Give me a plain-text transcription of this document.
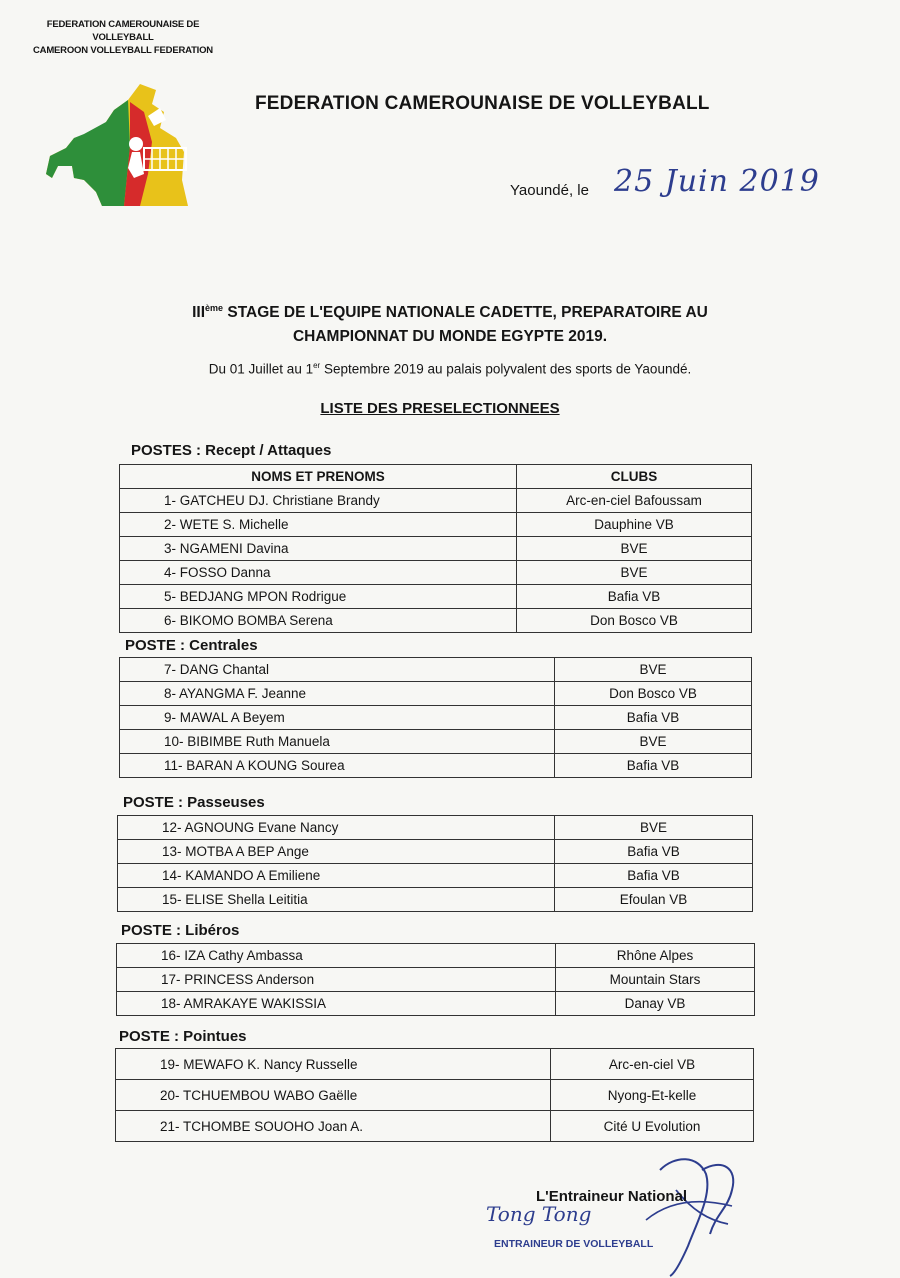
FEDERATION CAMEROUNAISE DE
VOLLEYBALL
CAMEROON VOLLEYBALL FEDERATION
FEDERATION CAMEROUNAISE DE VOLLEYBALL
Yaoundé, le 25 Juin 2019
IIIème STAGE DE L'EQUIPE NATIONALE CADETTE, PREPARATOIRE AU
CHAMPIONNAT DU MONDE EGYPTE 2019.
Du 01 Juillet au 1er Septembre 2019 au palais polyvalent des sports de Yaoundé.
LISTE DES PRESELECTIONNEES
POSTES : Recept / Attaques
NOMS ET PRENOMS	CLUBS
1- GATCHEU DJ. Christiane Brandy	Arc-en-ciel Bafoussam
2- WETE S. Michelle	Dauphine VB
3- NGAMENI Davina	BVE
4- FOSSO Danna	BVE
5- BEDJANG MPON Rodrigue	Bafia VB
6- BIKOMO BOMBA Serena	Don Bosco VB
POSTE : Centrales
7- DANG Chantal	BVE
8- AYANGMA F. Jeanne	Don Bosco VB
9- MAWAL A Beyem	Bafia VB
10- BIBIMBE Ruth Manuela	BVE
11- BARAN A KOUNG Sourea	Bafia VB
POSTE : Passeuses
12- AGNOUNG Evane Nancy	BVE
13- MOTBA A BEP Ange	Bafia VB
14- KAMANDO A Emiliene	Bafia VB
15- ELISE Shella Leititia	Efoulan VB
POSTE : Libéros
16- IZA Cathy Ambassa	Rhône Alpes
17- PRINCESS Anderson	Mountain Stars
18- AMRAKAYE WAKISSIA	Danay VB
POSTE : Pointues
19- MEWAFO K. Nancy Russelle	Arc-en-ciel VB
20- TCHUEMBOU WABO Gaëlle	Nyong-Et-kelle
21- TCHOMBE SOUOHO Joan A.	Cité U Evolution
Tong Tong
L'Entraineur National
ENTRAINEUR DE VOLLEYBALL
